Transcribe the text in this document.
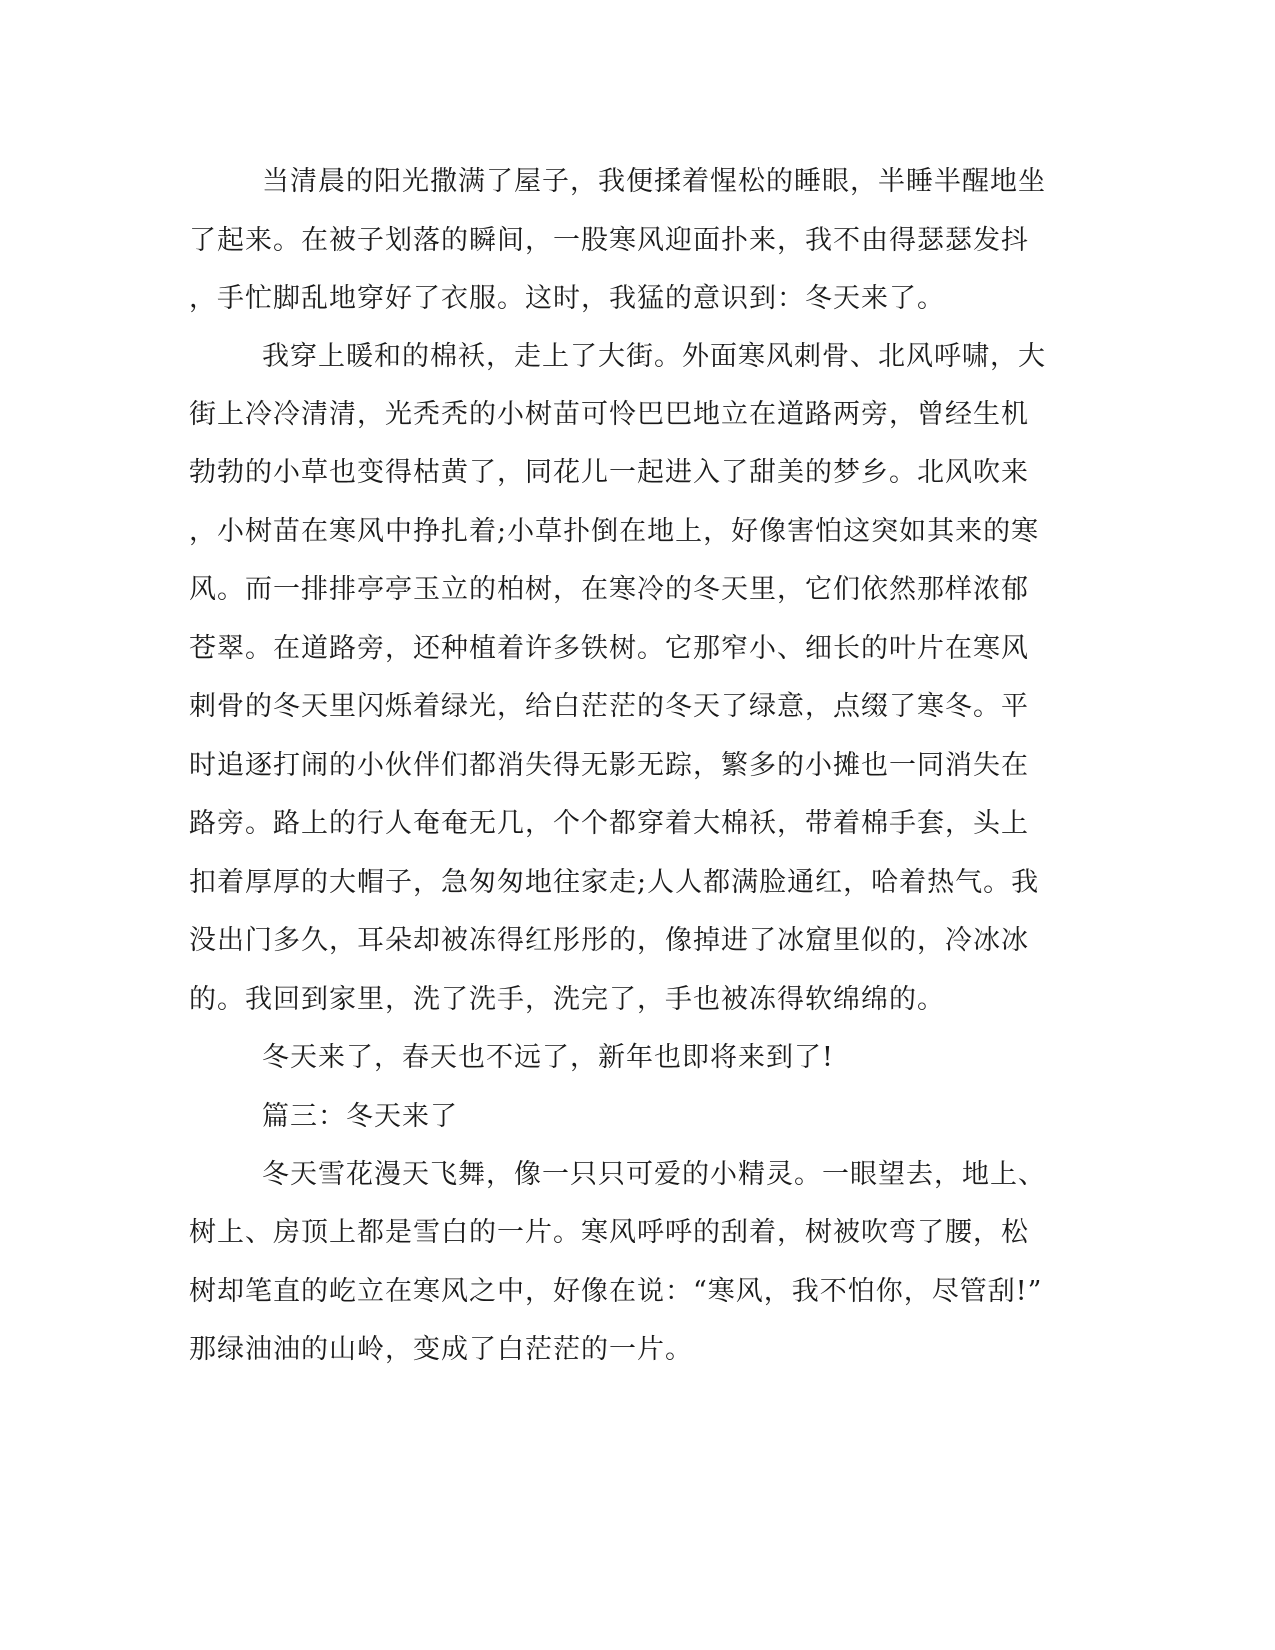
当清晨的阳光撒满了屋子，我便揉着惺松的睡眼，半睡半醒地坐
了起来。在被子划落的瞬间，一股寒风迎面扑来，我不由得瑟瑟发抖
，手忙脚乱地穿好了衣服。这时，我猛的意识到：冬天来了。
我穿上暖和的棉袄，走上了大街。外面寒风刺骨、北风呼啸，大
街上冷冷清清，光秃秃的小树苗可怜巴巴地立在道路两旁，曾经生机
勃勃的小草也变得枯黄了，同花儿一起进入了甜美的梦乡。北风吹来
，小树苗在寒风中挣扎着;小草扑倒在地上，好像害怕这突如其来的寒
风。而一排排亭亭玉立的柏树，在寒冷的冬天里，它们依然那样浓郁
苍翠。在道路旁，还种植着许多铁树。它那窄小、细长的叶片在寒风
刺骨的冬天里闪烁着绿光，给白茫茫的冬天了绿意，点缀了寒冬。平
时追逐打闹的小伙伴们都消失得无影无踪，繁多的小摊也一同消失在
路旁。路上的行人奄奄无几，个个都穿着大棉袄，带着棉手套，头上
扣着厚厚的大帽子，急匆匆地往家走;人人都满脸通红，哈着热气。我
没出门多久，耳朵却被冻得红彤彤的，像掉进了冰窟里似的，冷冰冰
的。我回到家里，洗了洗手，洗完了，手也被冻得软绵绵的。
冬天来了，春天也不远了，新年也即将来到了!
篇三：冬天来了
冬天雪花漫天飞舞，像一只只可爱的小精灵。一眼望去，地上、
树上、房顶上都是雪白的一片。寒风呼呼的刮着，树被吹弯了腰，松
树却笔直的屹立在寒风之中，好像在说：“寒风，我不怕你，尽管刮!”
那绿油油的山岭，变成了白茫茫的一片。
